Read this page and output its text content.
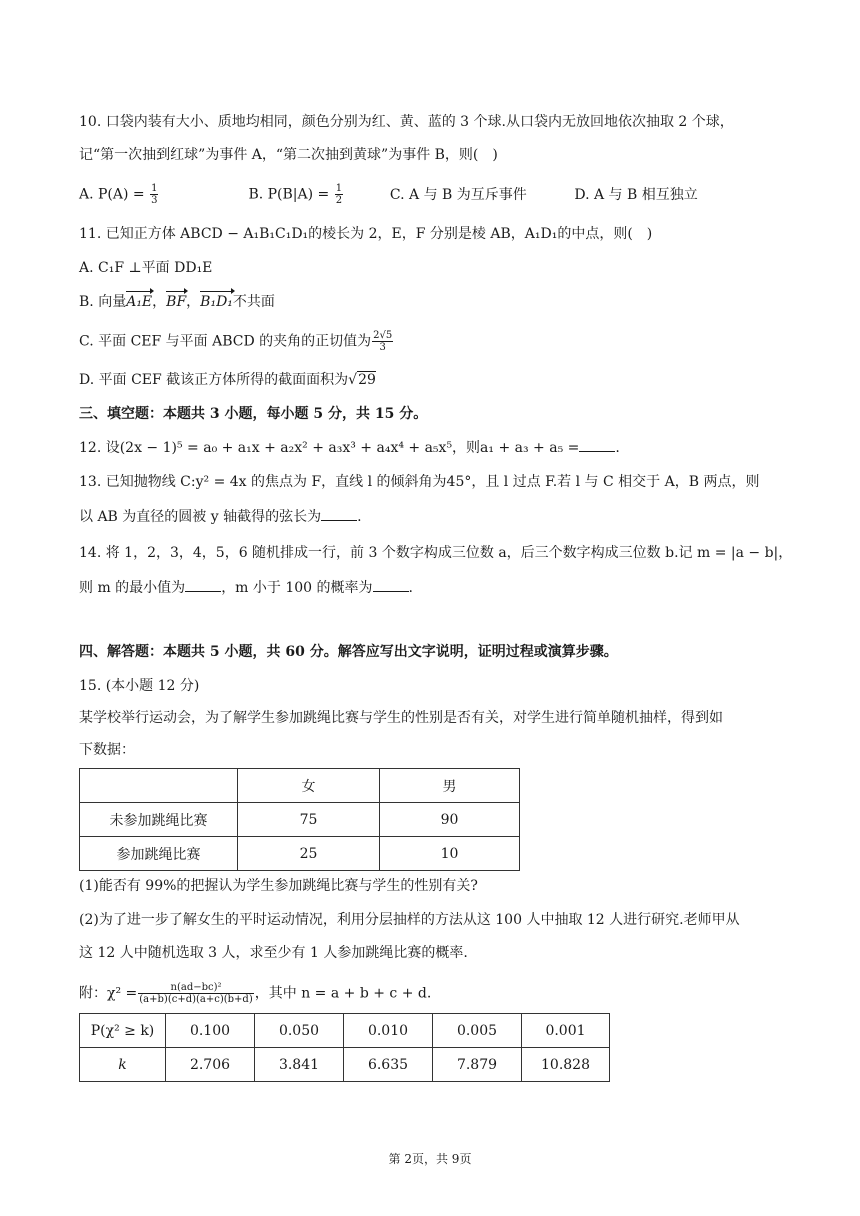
10. 口袋内装有大小、质地均相同，颜色分别为红、黄、蓝的 3 个球.从口袋内无放回地依次抽取 2 个球，
记“第一次抽到红球”为事件 A，“第二次抽到黄球”为事件 B，则(　)
A. $P(A) = \frac{1}{3}$	B. $P(B|A) = \frac{1}{2}$	C. A 与 B 为互斥事件	D. A 与 B 相互独立
11. 已知正方体 ABCD − A₁B₁C₁D₁的棱长为 2，E，F 分别是棱 AB，A₁D₁的中点，则(　)
A. C₁F ⊥平面 DD₁E
B. 向量A₁E，BF，B₁D₁不共面
C. 平面 CEF 与平面 ABCD 的夹角的正切值为 $\frac{2√5}{3}$
D. 平面 CEF 截该正方体所得的截面面积为√29
三、填空题：本题共 3 小题，每小题 5 分，共 15 分。
12. 设(2x − 1)⁵ = a₀ + a₁x + a₂x² + a₃x³ + a₄x⁴ + a₅x⁵，则a₁ + a₃ + a₅ =	.
13. 已知抛物线 C:y² = 4x 的焦点为 F，直线 l 的倾斜角为45°，且 l 过点 F.若 l 与 C 相交于 A，B 两点，则
以 AB 为直径的圆被 y 轴截得的弦长为	.
14. 将 1，2，3，4，5，6 随机排成一行，前 3 个数字构成三位数 a，后三个数字构成三位数 b.记 m = |a − b|，
则 m 的最小值为	，m 小于 100 的概率为	.
四、解答题：本题共 5 小题，共 60 分。解答应写出文字说明，证明过程或演算步骤。
15. (本小题 12 分)
某学校举行运动会，为了解学生参加跳绳比赛与学生的性别是否有关，对学生进行简单随机抽样，得到如
下数据：
	女	男
未参加跳绳比赛	75	90
参加跳绳比赛	25	10
(1)能否有 99%的把握认为学生参加跳绳比赛与学生的性别有关?
(2)为了进一步了解女生的平时运动情况，利用分层抽样的方法从这 100 人中抽取 12 人进行研究.老师甲从
这 12 人中随机选取 3 人，求至少有 1 人参加跳绳比赛的概率.
附：$\chi^2 = \frac{\text{n(ad−bc)²}}{(a+b)(c+d)(a+c)(b+d)}$ ，其中 n = a + b + c + d.
P(χ² ≥ k)	0.100	0.050	0.010	0.005	0.001
k	2.706	3.841	6.635	7.879	10.828
第 2页，共 9页
